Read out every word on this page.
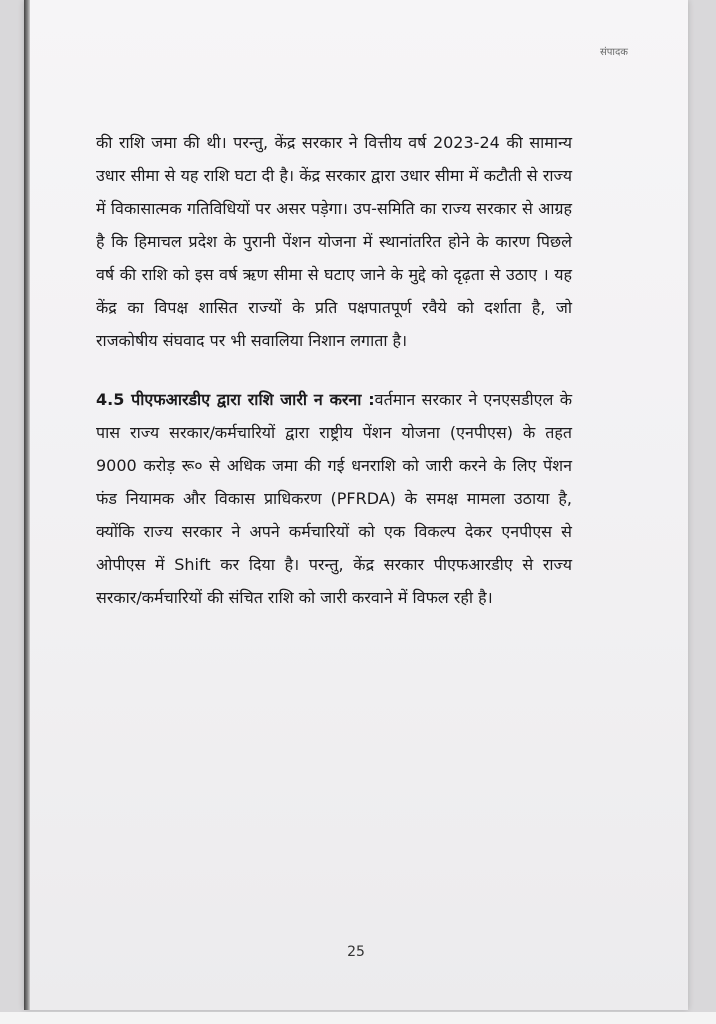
संपादक

की राशि जमा की थी। परन्तु, केंद्र सरकार ने वित्तीय वर्ष 2023-24 की सामान्य उधार सीमा से यह राशि घटा दी है। केंद्र सरकार द्वारा उधार सीमा में कटौती से राज्य में विकासात्मक गतिविधियों पर असर पड़ेगा। उप-समिति का राज्य सरकार से आग्रह है कि हिमाचल प्रदेश के पुरानी पेंशन योजना में स्थानांतरित होने के कारण पिछले वर्ष की राशि को इस वर्ष ऋण सीमा से घटाए जाने के मुद्दे को दृढ़ता से उठाए । यह केंद्र का विपक्ष शासित राज्यों के प्रति पक्षपातपूर्ण रवैये को दर्शाता है, जो राजकोषीय संघवाद पर भी सवालिया निशान लगाता है।

4.5 पीएफआरडीए द्वारा राशि जारी न करना :वर्तमान सरकार ने एनएसडीएल के पास राज्य सरकार/कर्मचारियों द्वारा राष्ट्रीय पेंशन योजना (एनपीएस) के तहत 9000 करोड़ रू० से अधिक जमा की गई धनराशि को जारी करने के लिए पेंशन फंड नियामक और विकास प्राधिकरण (PFRDA) के समक्ष मामला उठाया है, क्योंकि राज्य सरकार ने अपने कर्मचारियों को एक विकल्प देकर एनपीएस से ओपीएस में Shift कर दिया है। परन्तु, केंद्र सरकार पीएफआरडीए से राज्य सरकार/कर्मचारियों की संचित राशि को जारी करवाने में विफल रही है।

25
